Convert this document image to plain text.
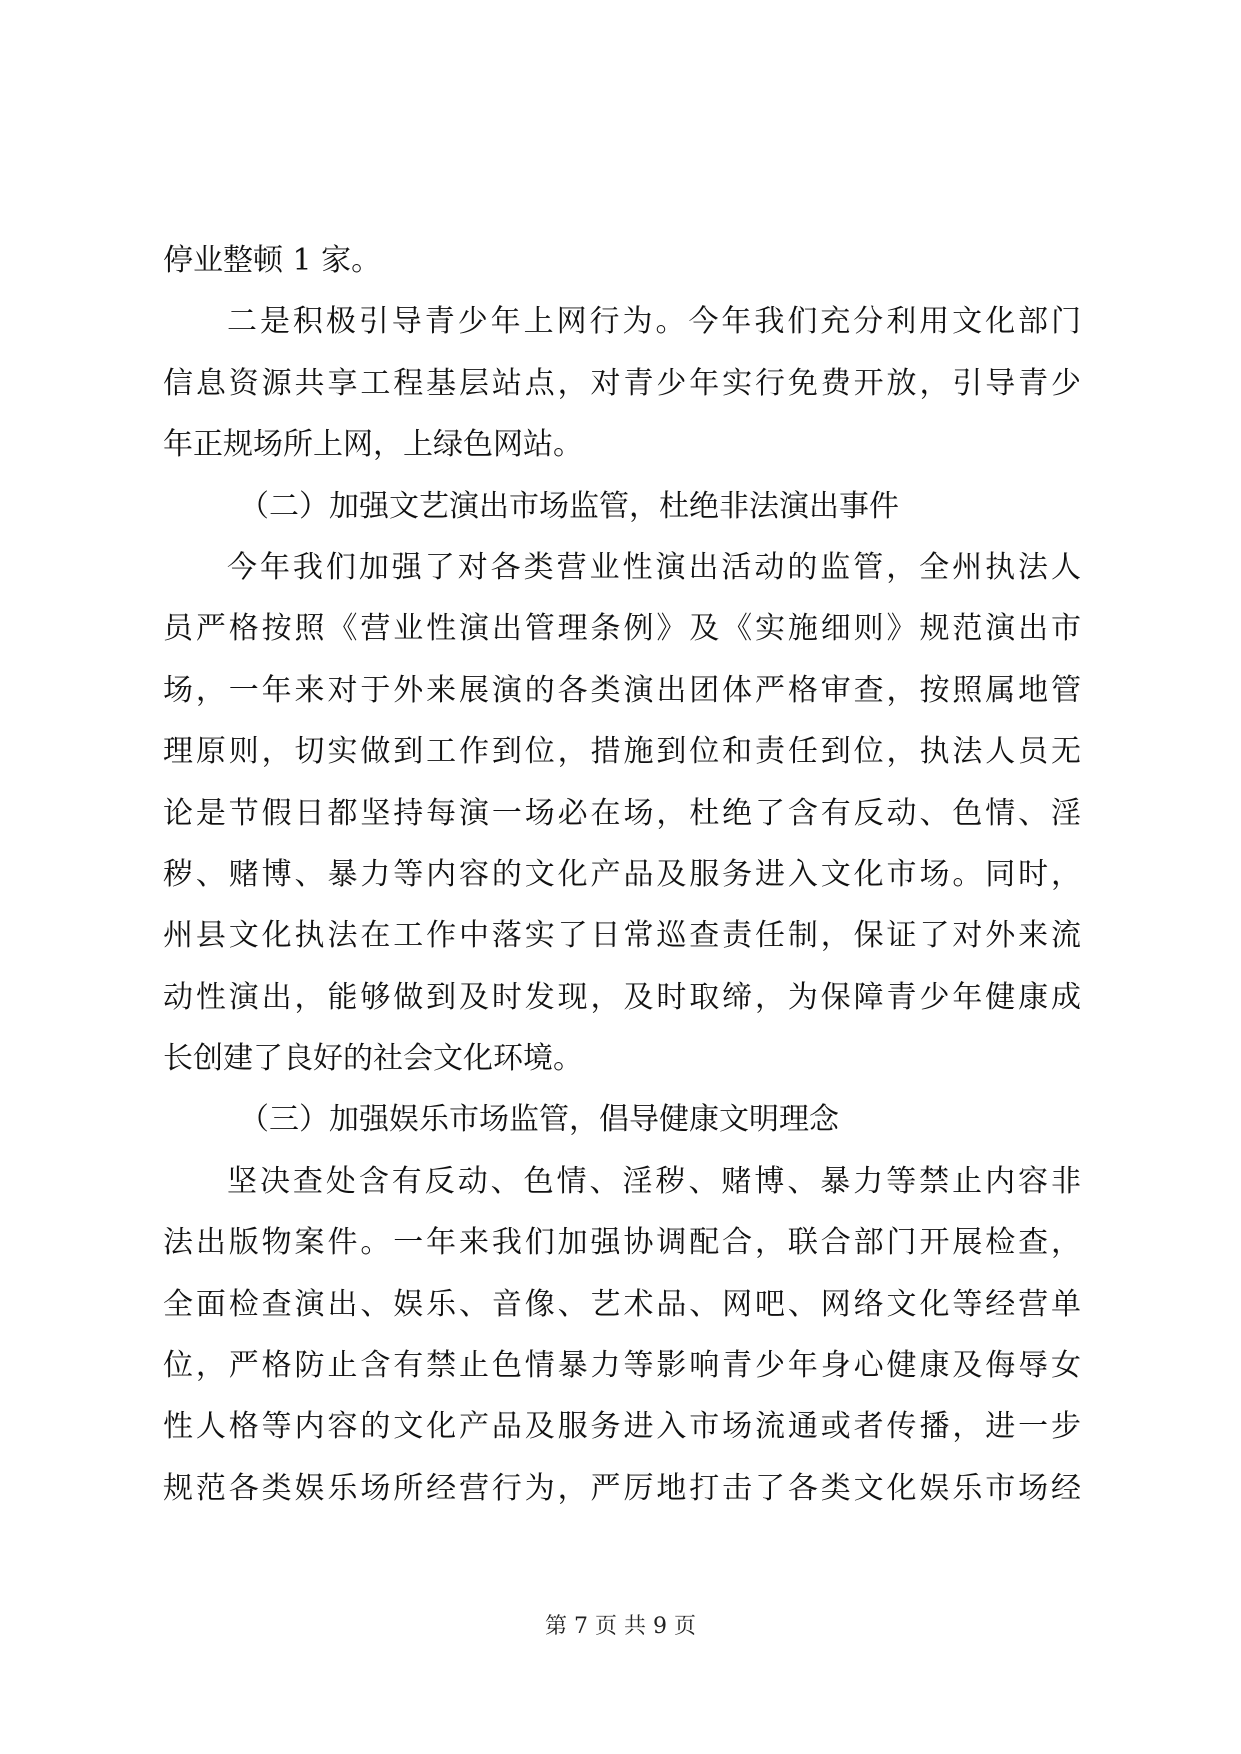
停业整顿 1 家。
二是积极引导青少年上网行为。今年我们充分利用文化部门
信息资源共享工程基层站点，对青少年实行免费开放，引导青少
年正规场所上网，上绿色网站。
（二）加强文艺演出市场监管，杜绝非法演出事件
今年我们加强了对各类营业性演出活动的监管，全州执法人
员严格按照《营业性演出管理条例》及《实施细则》规范演出市
场，一年来对于外来展演的各类演出团体严格审查，按照属地管
理原则，切实做到工作到位，措施到位和责任到位，执法人员无
论是节假日都坚持每演一场必在场，杜绝了含有反动、色情、淫
秽、赌博、暴力等内容的文化产品及服务进入文化市场。同时，
州县文化执法在工作中落实了日常巡查责任制，保证了对外来流
动性演出，能够做到及时发现，及时取缔，为保障青少年健康成
长创建了良好的社会文化环境。
（三）加强娱乐市场监管，倡导健康文明理念
坚决查处含有反动、色情、淫秽、赌博、暴力等禁止内容非
法出版物案件。一年来我们加强协调配合，联合部门开展检查，
全面检查演出、娱乐、音像、艺术品、网吧、网络文化等经营单
位，严格防止含有禁止色情暴力等影响青少年身心健康及侮辱女
性人格等内容的文化产品及服务进入市场流通或者传播，进一步
规范各类娱乐场所经营行为，严厉地打击了各类文化娱乐市场经
第 7 页 共 9 页
